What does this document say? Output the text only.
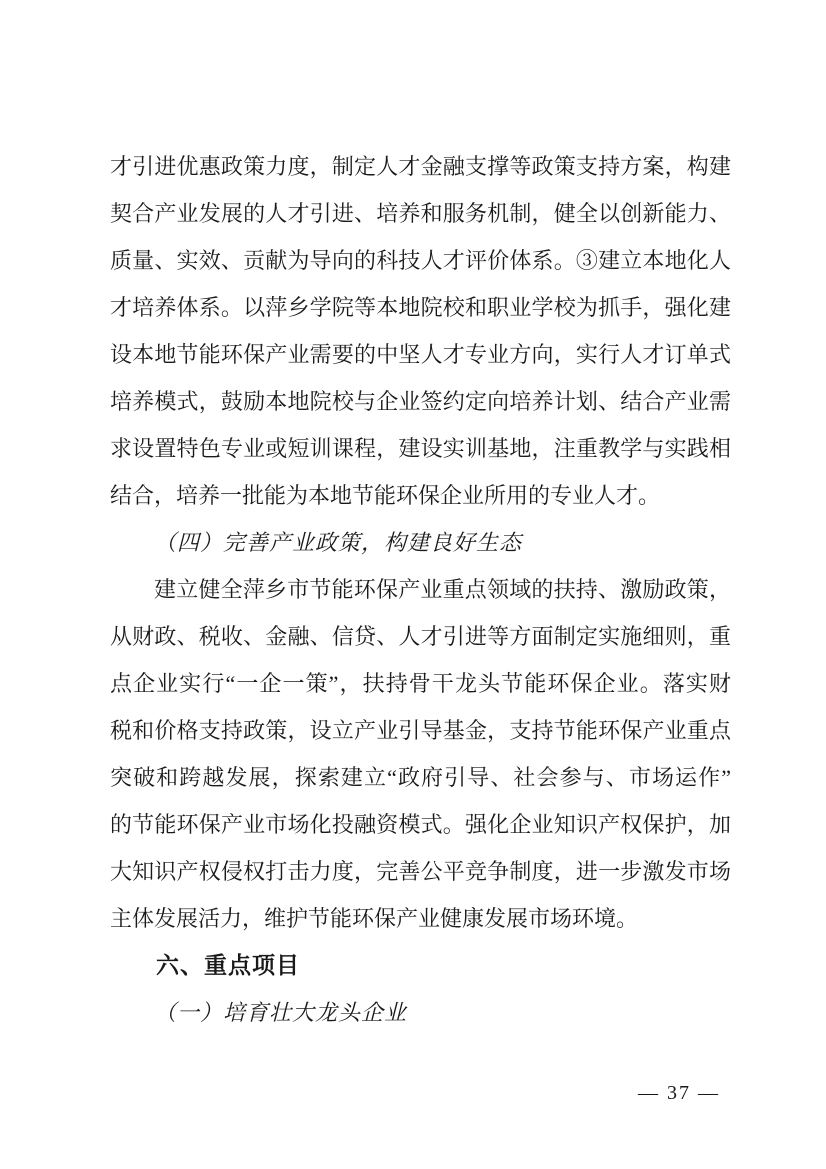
才引进优惠政策力度，制定人才金融支撑等政策支持方案，构建
契合产业发展的人才引进、培养和服务机制，健全以创新能力、
质量、实效、贡献为导向的科技人才评价体系。③建立本地化人
才培养体系。以萍乡学院等本地院校和职业学校为抓手，强化建
设本地节能环保产业需要的中坚人才专业方向，实行人才订单式
培养模式，鼓励本地院校与企业签约定向培养计划、结合产业需
求设置特色专业或短训课程，建设实训基地，注重教学与实践相
结合，培养一批能为本地节能环保企业所用的专业人才。
（四）完善产业政策，构建良好生态
建立健全萍乡市节能环保产业重点领域的扶持、激励政策，
从财政、税收、金融、信贷、人才引进等方面制定实施细则，重
点企业实行“一企一策”，扶持骨干龙头节能环保企业。落实财
税和价格支持政策，设立产业引导基金，支持节能环保产业重点
突破和跨越发展，探索建立“政府引导、社会参与、市场运作”
的节能环保产业市场化投融资模式。强化企业知识产权保护，加
大知识产权侵权打击力度，完善公平竞争制度，进一步激发市场
主体发展活力，维护节能环保产业健康发展市场环境。
六、重点项目
（一）培育壮大龙头企业
— 37 —
